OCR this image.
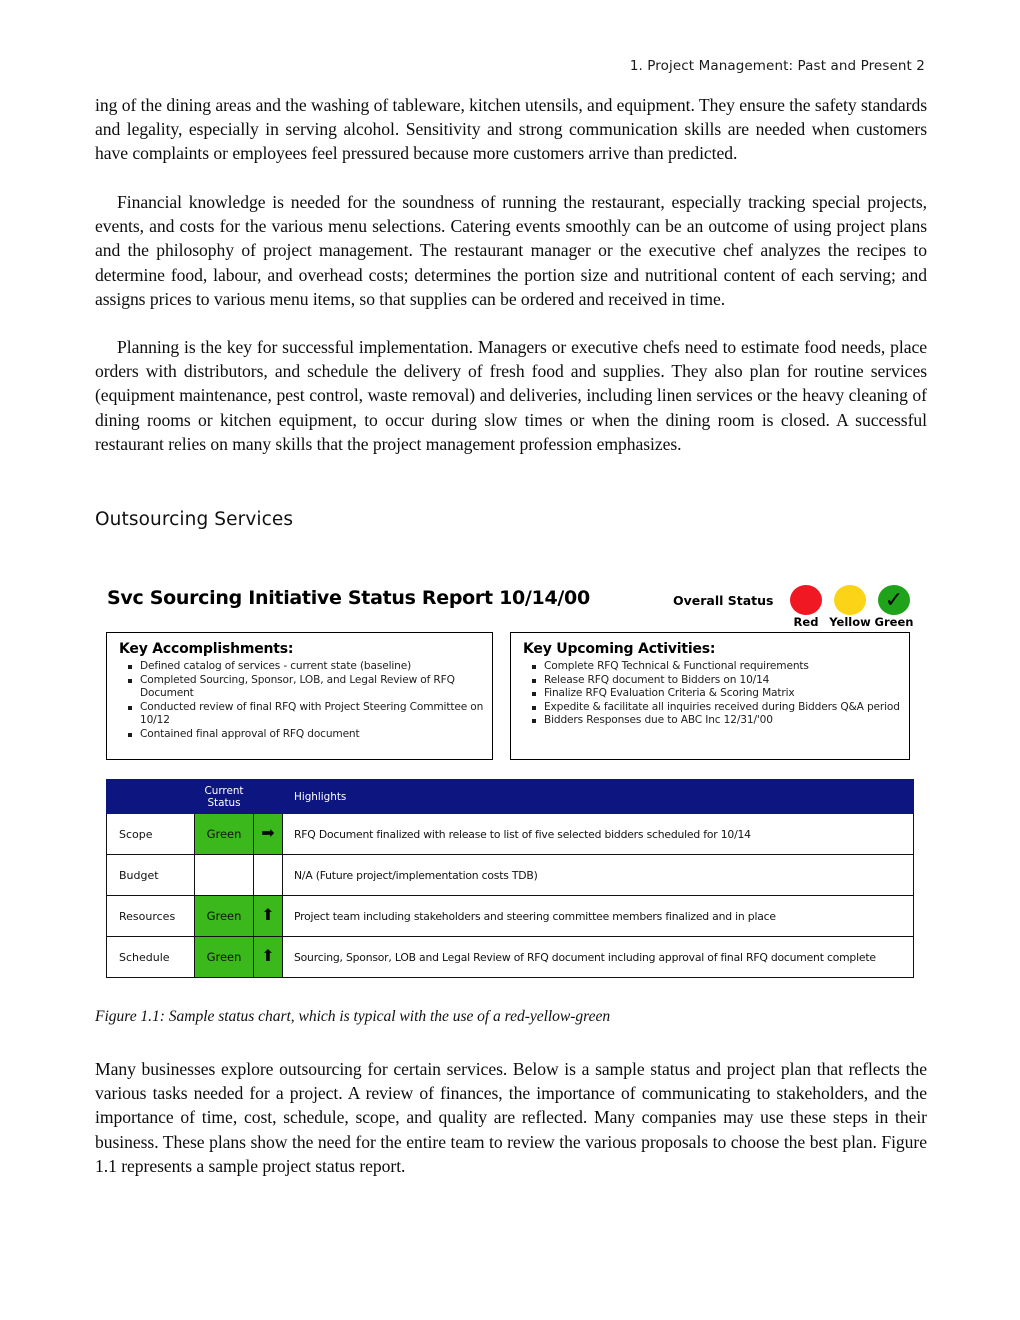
1. Project Management: Past and Present 2

ing of the dining areas and the washing of tableware, kitchen utensils, and equipment. They ensure the safety standards and legality, especially in serving alcohol. Sensitivity and strong communication skills are needed when customers have complaints or employees feel pressured because more customers arrive than predicted.

Financial knowledge is needed for the soundness of running the restaurant, especially tracking special projects, events, and costs for the various menu selections. Catering events smoothly can be an outcome of using project plans and the philosophy of project management. The restaurant manager or the executive chef analyzes the recipes to determine food, labour, and overhead costs; determines the portion size and nutritional content of each serving; and assigns prices to various menu items, so that supplies can be ordered and received in time.

Planning is the key for successful implementation. Managers or executive chefs need to estimate food needs, place orders with distributors, and schedule the delivery of fresh food and supplies. They also plan for routine services (equipment maintenance, pest control, waste removal) and deliveries, including linen services or the heavy cleaning of dining rooms or kitchen equipment, to occur during slow times or when the dining room is closed. A successful restaurant relies on many skills that the project management profession emphasizes.

Outsourcing Services
Svc Sourcing Initiative Status Report 10/14/00	Overall Status
Red Yellow
✓
Green
Key Accomplishments:
Defined catalog of services - current state (baseline)
Completed Sourcing, Sponsor, LOB, and Legal Review of RFQ Document
Conducted review of final RFQ with Project Steering Committee on 10/12
Contained final approval of RFQ document
Key Upcoming Activities:
Complete RFQ Technical & Functional requirements
Release RFQ document to Bidders on 10/14
Finalize RFQ Evaluation Criteria & Scoring Matrix
Expedite & facilitate all inquiries received during Bidders Q&A period
Bidders Responses due to ABC Inc 12/31/'00
	Current Status		Highlights
Scope	Green	➡	RFQ Document finalized with release to list of five selected bidders scheduled for 10/14
Budget			N/A (Future project/implementation costs TDB)
Resources	Green	⬆	Project team including stakeholders and steering committee members finalized and in place
Schedule	Green	⬆	Sourcing, Sponsor, LOB and Legal Review of RFQ document including approval of final RFQ document complete
Figure 1.1: Sample status chart, which is typical with the use of a red-yellow-green

Many businesses explore outsourcing for certain services. Below is a sample status and project plan that reflects the various tasks needed for a project. A review of finances, the importance of communicating to stakeholders, and the importance of time, cost, schedule, scope, and quality are reflected. Many companies may use these steps in their business. These plans show the need for the entire team to review the various proposals to choose the best plan. Figure 1.1 represents a sample project status report.
